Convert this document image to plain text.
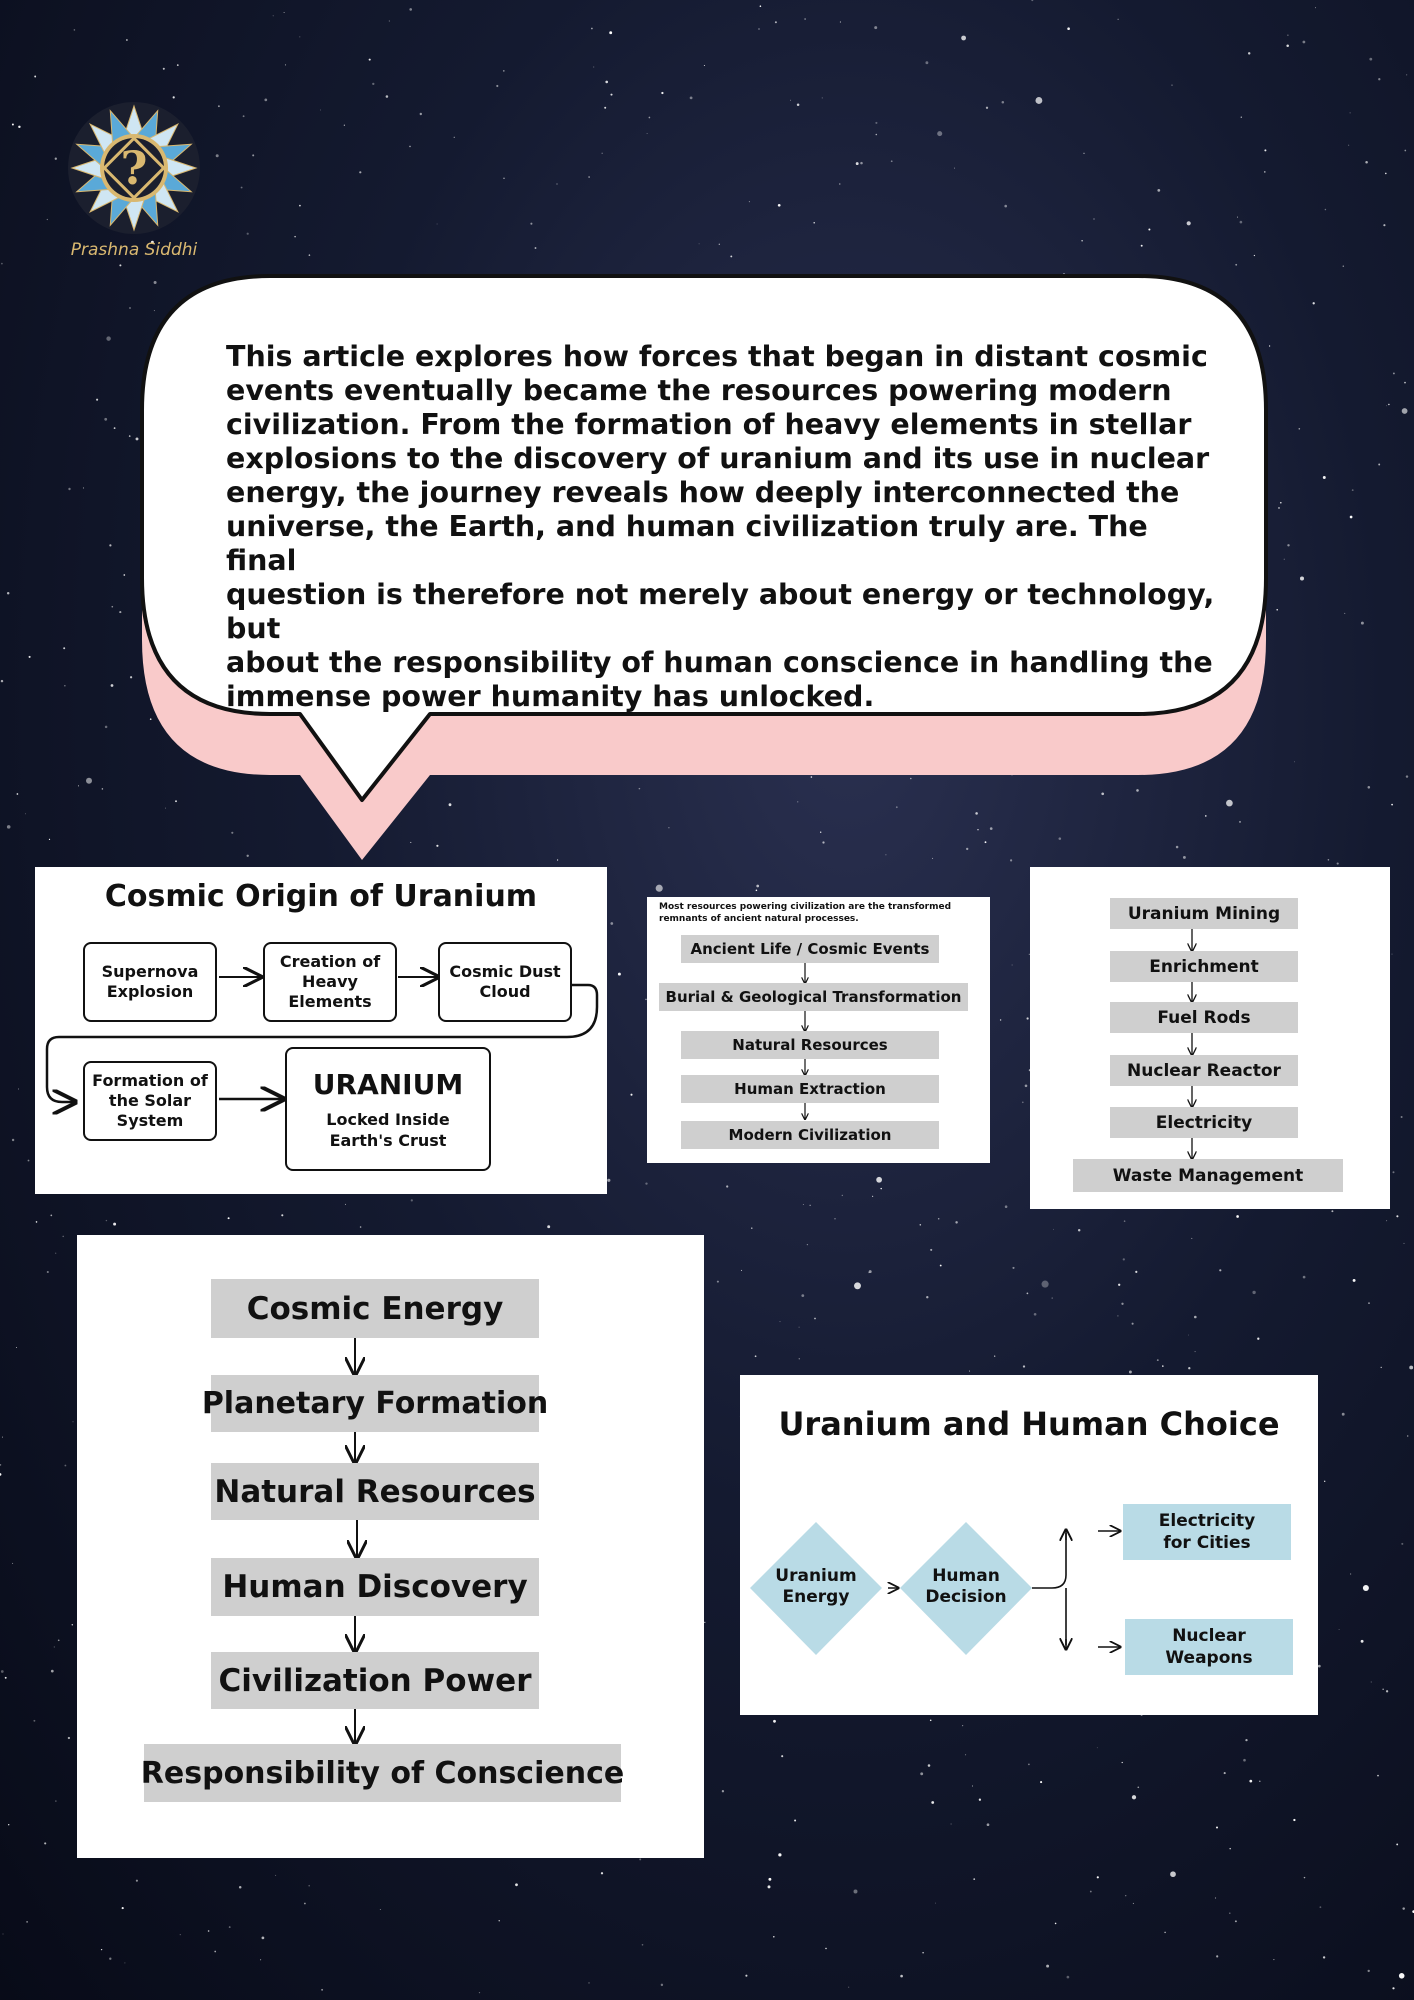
?
Prashna Siddhi
This article explores how forces that began in distant cosmic
events eventually became the resources powering modern
civilization. From the formation of heavy elements in stellar
explosions to the discovery of uranium and its use in nuclear
energy, the journey reveals how deeply interconnected the
universe, the Earth, and human civilization truly are. The final
question is therefore not merely about energy or technology, but
about the responsibility of human conscience in handling the
immense power humanity has unlocked.
Cosmic Origin of Uranium
Supernova Explosion
Creation of Heavy Elements
Cosmic Dust Cloud
Formation of the Solar System
URANIUM
Locked Inside Earth's Crust
Most resources powering civilization are the transformed remnants of ancient natural processes.
Ancient Life / Cosmic Events
Burial & Geological Transformation
Natural Resources
Human Extraction
Modern Civilization
Uranium Mining
Enrichment
Fuel Rods
Nuclear Reactor
Electricity
Waste Management
Cosmic Energy
Planetary Formation
Natural Resources
Human Discovery
Civilization Power
Responsibility of Conscience
Uranium and Human Choice
Uranium Energy
Human Decision
Electricity for Cities
Nuclear Weapons
